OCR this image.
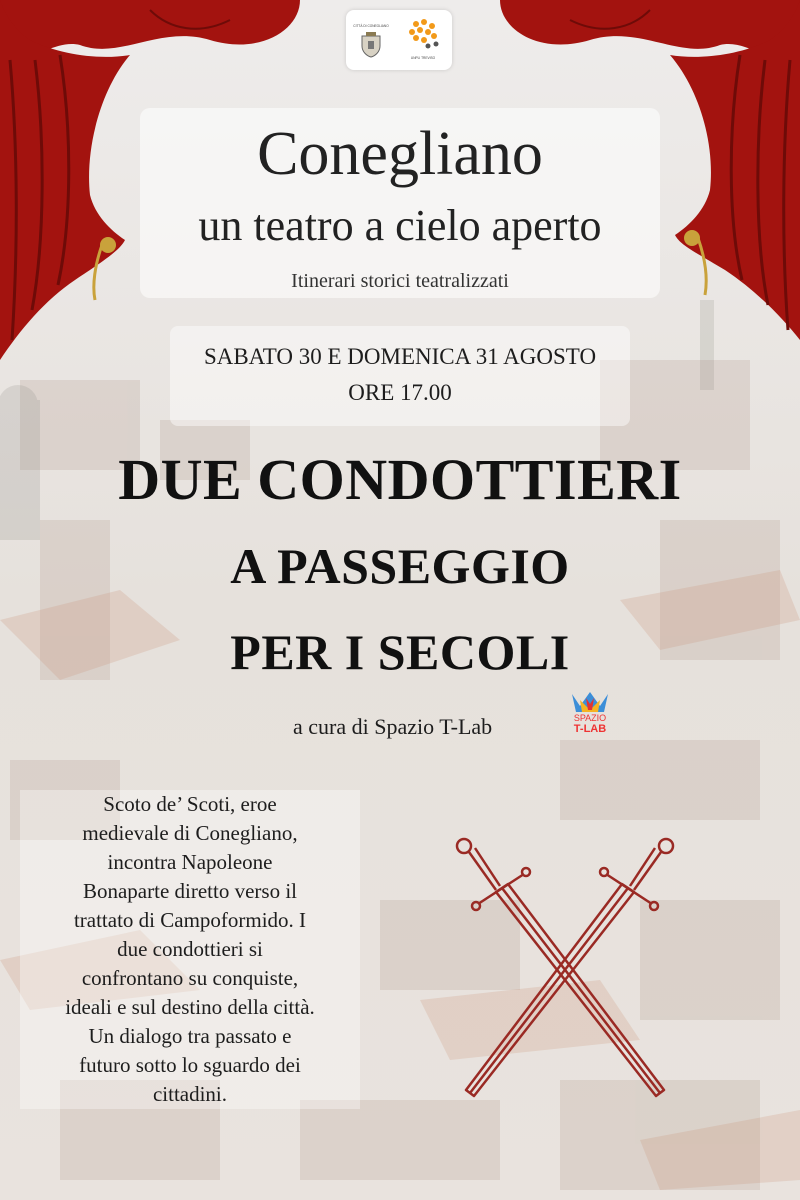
CITTÀ DI CONEGLIANO
UNPLI TREVISO
Conegliano
un teatro a cielo aperto
Itinerari storici teatralizzati
SABATO 30 E DOMENICA 31 AGOSTO
ORE 17.00
DUE CONDOTTIERI
A PASSEGGIO
PER I SECOLI
a cura di Spazio T-Lab	SPAZIO
T-LAB
Scoto de’ Scoti, eroe
medievale di Conegliano,
incontra Napoleone
Bonaparte diretto verso il
trattato di Campoformido. I
due condottieri si
confrontano su conquiste,
ideali e sul destino della città.
Un dialogo tra passato e
futuro sotto lo sguardo dei
cittadini.
